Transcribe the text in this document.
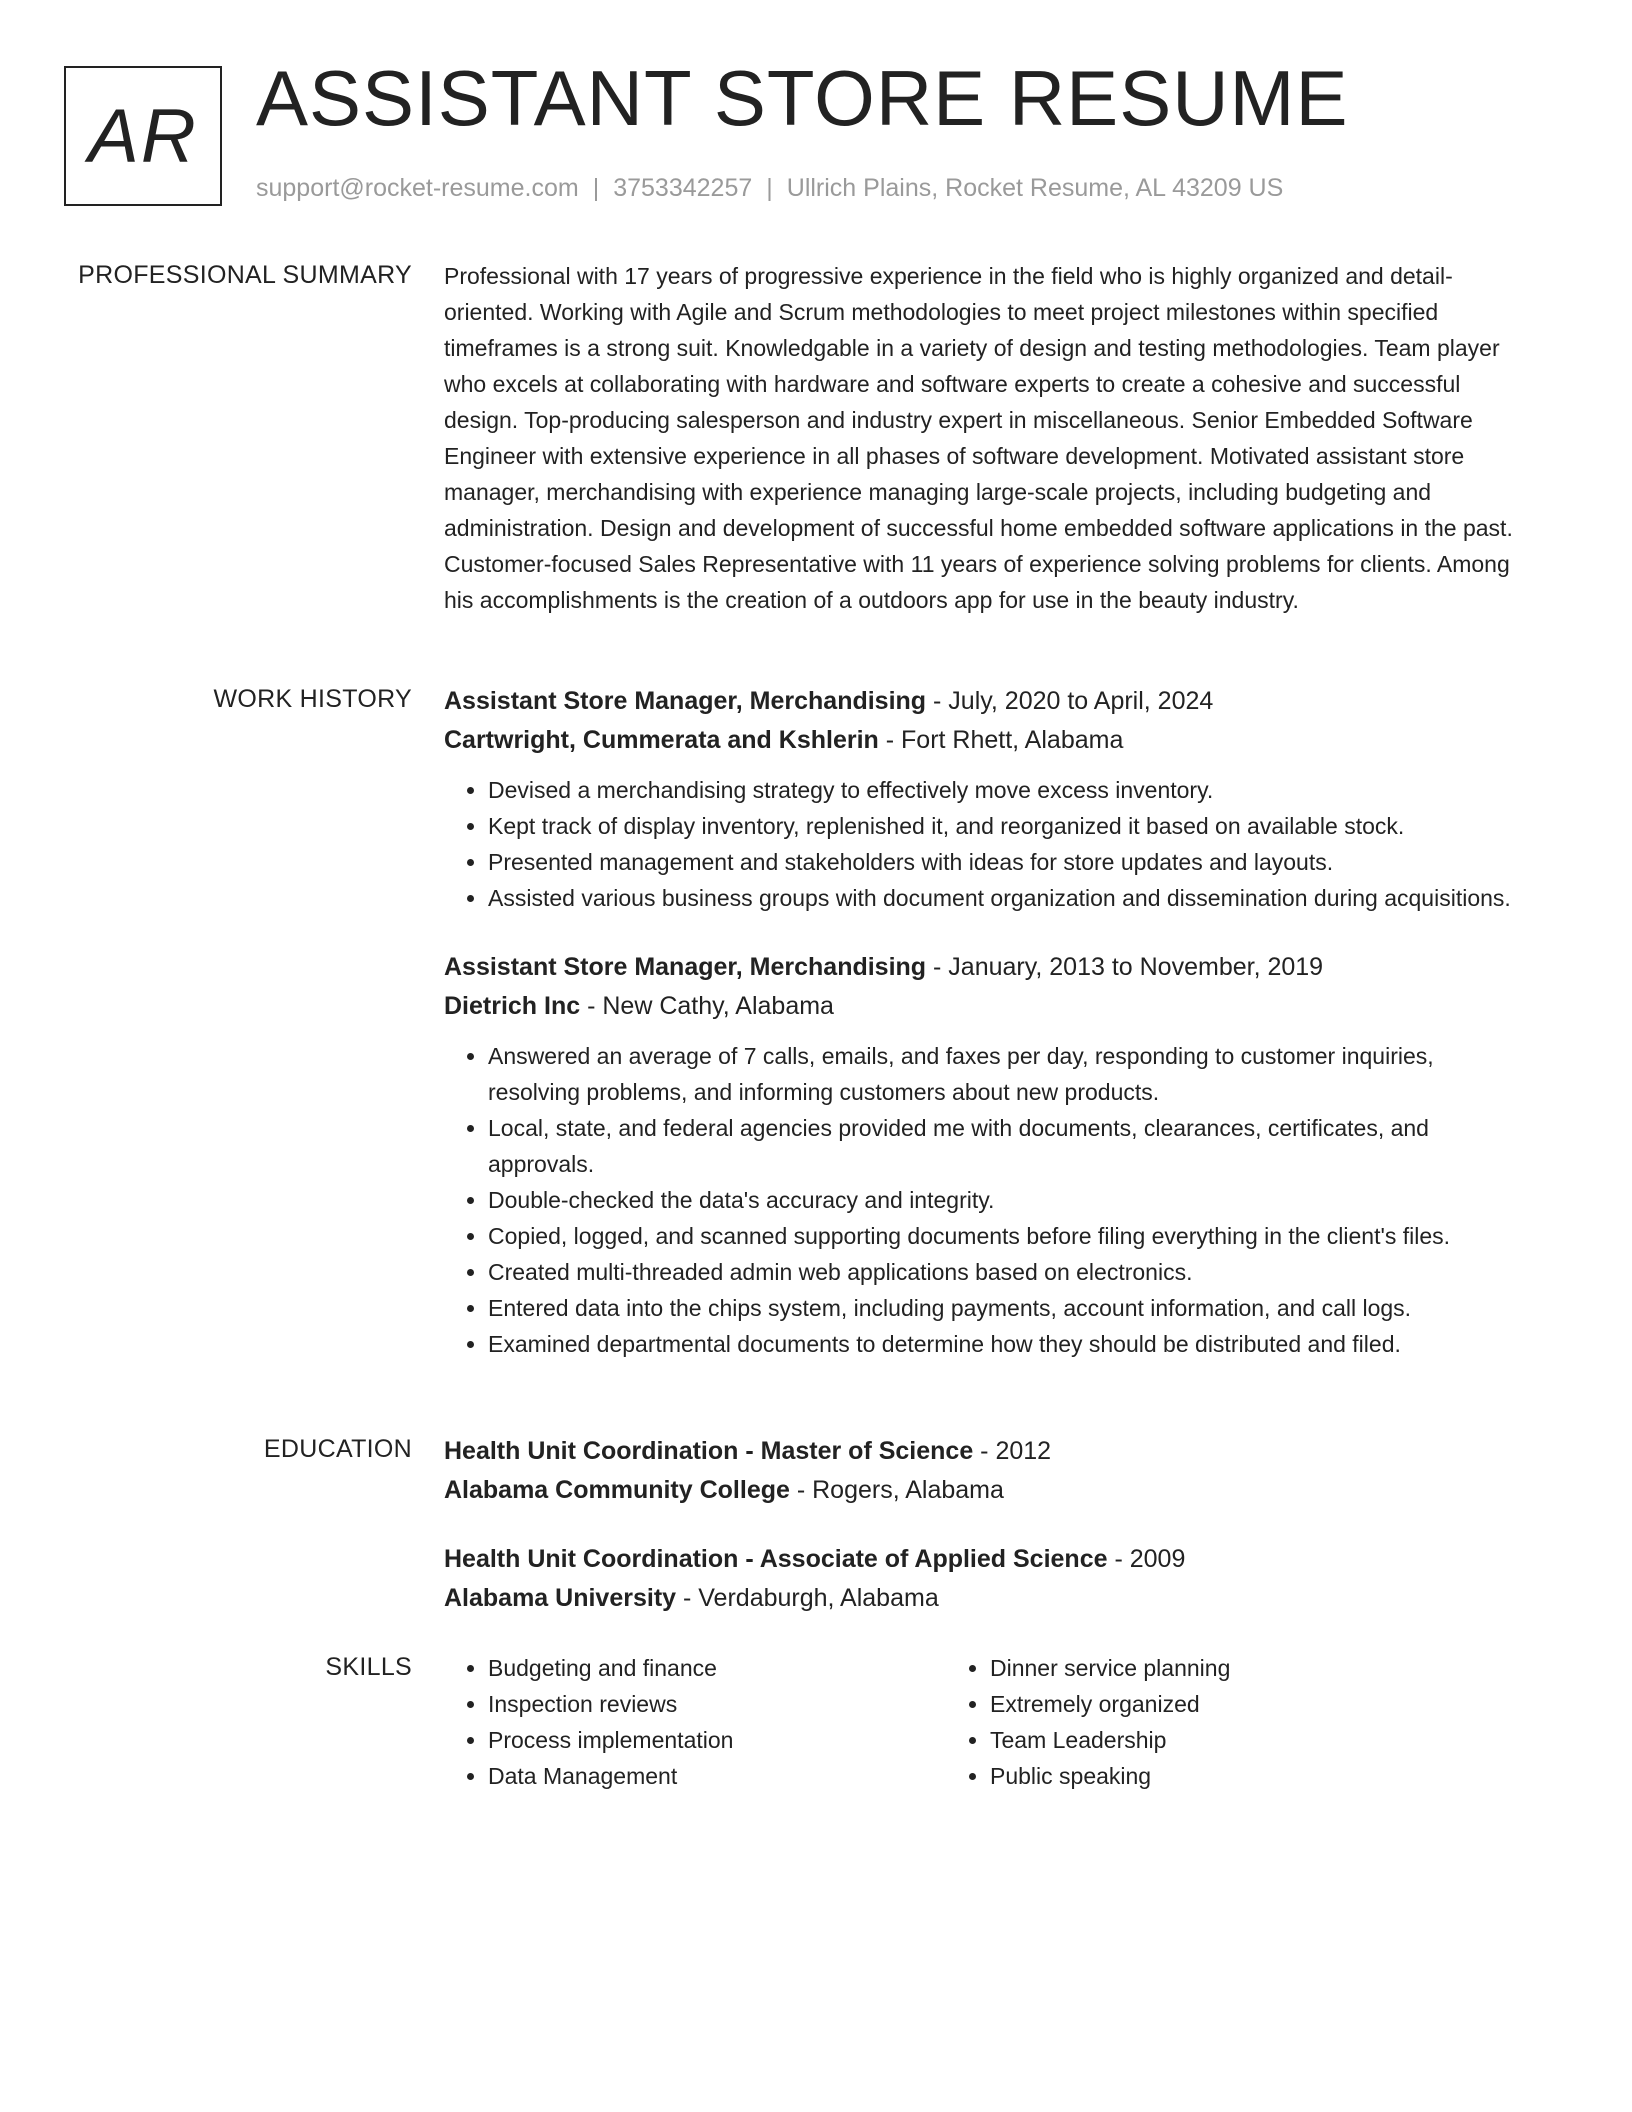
AR ASSISTANT STORE RESUME
support@rocket-resume.com | 3753342257 | Ullrich Plains, Rocket Resume, AL 43209 US
PROFESSIONAL SUMMARY Professional with 17 years of progressive experience in the field who is highly organized and detail-oriented. Working with Agile and Scrum methodologies to meet project milestones within specified timeframes is a strong suit. Knowledgable in a variety of design and testing methodologies. Team player who excels at collaborating with hardware and software experts to create a cohesive and successful design. Top-producing salesperson and industry expert in miscellaneous. Senior Embedded Software Engineer with extensive experience in all phases of software development. Motivated assistant store manager, merchandising with experience managing large-scale projects, including budgeting and administration. Design and development of successful home embedded software applications in the past. Customer-focused Sales Representative with 11 years of experience solving problems for clients. Among his accomplishments is the creation of a outdoors app for use in the beauty industry.

WORK HISTORY Assistant Store Manager, Merchandising - July, 2020 to April, 2024

Cartwright, Cummerata and Kshlerin - Fort Rhett, Alabama

• Devised a merchandising strategy to effectively move excess inventory.
• Kept track of display inventory, replenished it, and reorganized it based on available stock.
• Presented management and stakeholders with ideas for store updates and layouts.
• Assisted various business groups with document organization and dissemination during acquisitions.

Assistant Store Manager, Merchandising - January, 2013 to November, 2019

Dietrich Inc - New Cathy, Alabama

• Answered an average of 7 calls, emails, and faxes per day, responding to customer inquiries, resolving problems, and informing customers about new products.
• Local, state, and federal agencies provided me with documents, clearances, certificates, and approvals.
• Double-checked the data's accuracy and integrity.
• Copied, logged, and scanned supporting documents before filing everything in the client's files.
• Created multi-threaded admin web applications based on electronics.
• Entered data into the chips system, including payments, account information, and call logs.
• Examined departmental documents to determine how they should be distributed and filed.
EDUCATION Health Unit Coordination - Master of Science - 2012

Alabama Community College - Rogers, Alabama

Health Unit Coordination - Associate of Applied Science - 2009

Alabama University - Verdaburgh, Alabama

SKILLS
•	Budgeting and finance
• Inspection reviews
• Process implementation
• Data Management
• Dinner service planning
• Extremely organized
• Team Leadership
• Public speaking
